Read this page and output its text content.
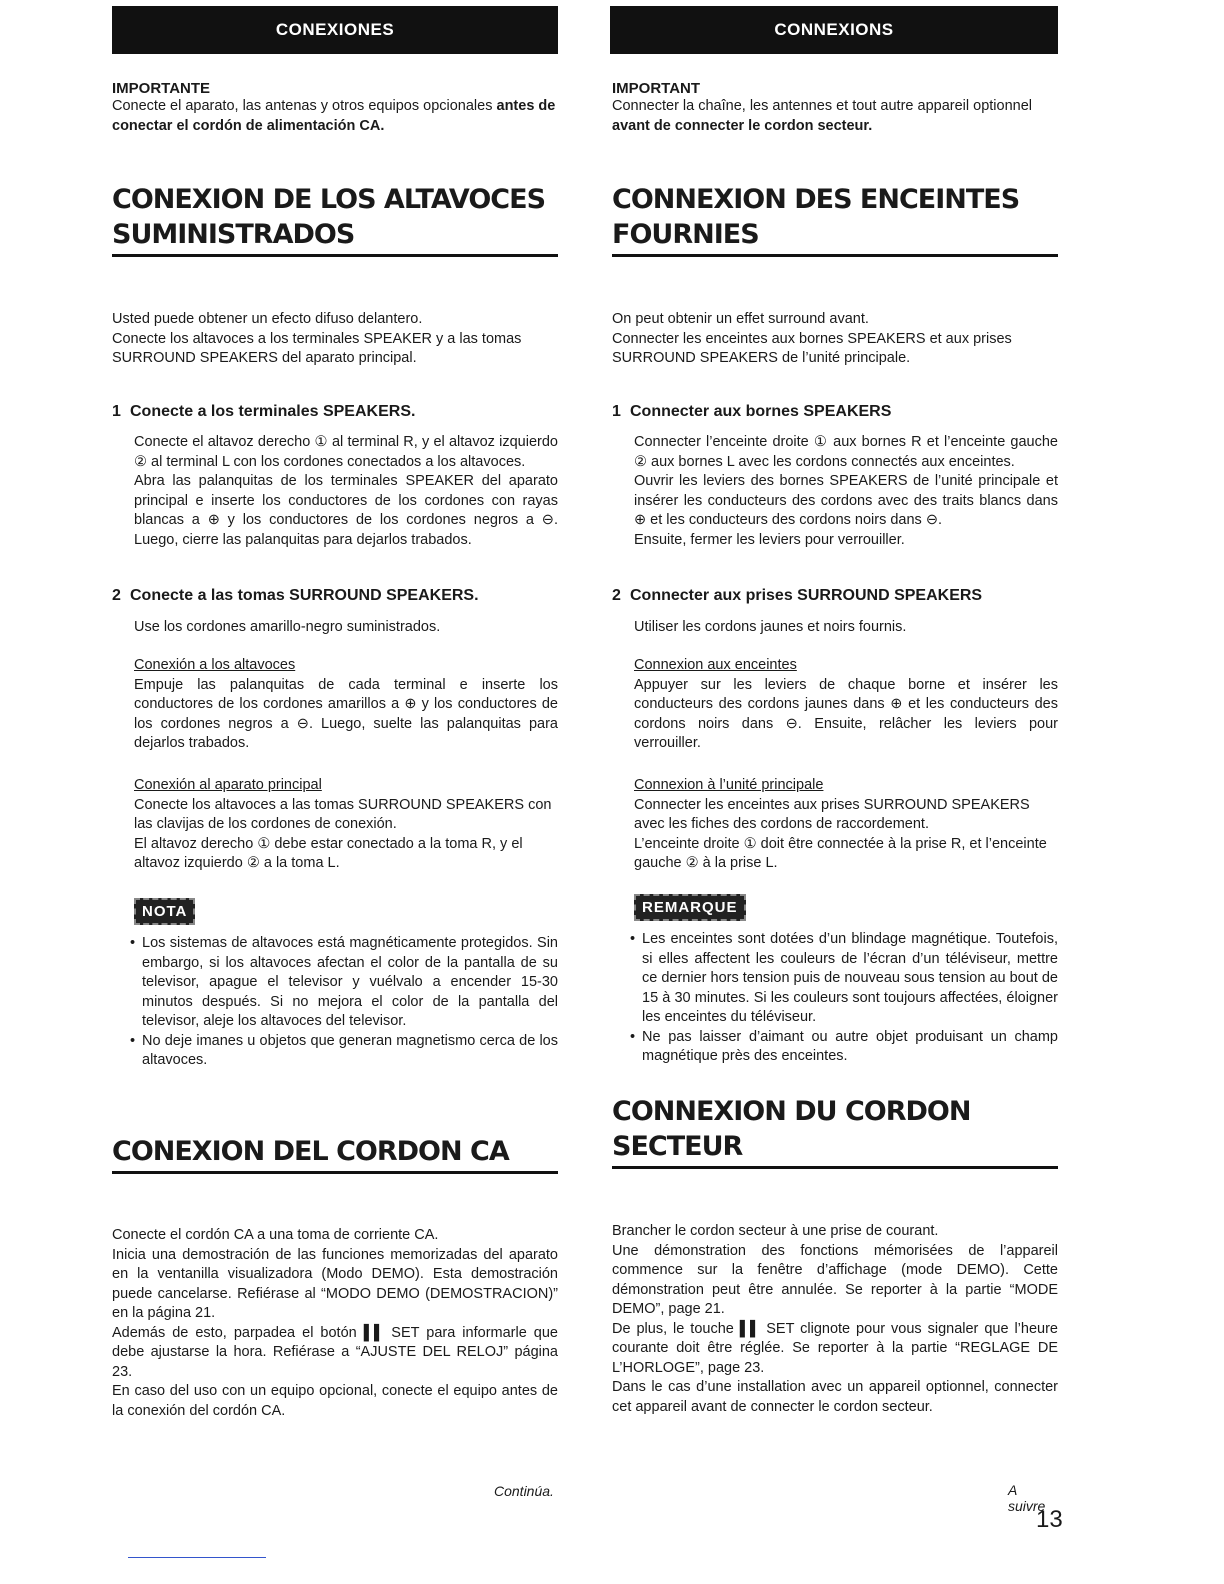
CONEXIONES
IMPORTANTE

Conecte el aparato, las antenas y otros equipos opcionales antes de conectar el cordón de alimentación CA.

CONEXION DE LOS ALTAVOCES SUMINISTRADOS

Usted puede obtener un efecto difuso delantero.

Conecte los altavoces a los terminales SPEAKER y a las tomas SURROUND SPEAKERS del aparato principal.

1 Conecte a los terminales SPEAKERS.

Conecte el altavoz derecho ① al terminal R, y el altavoz izquierdo ② al terminal L con los cordones conectados a los altavoces.

Abra las palanquitas de los terminales SPEAKER del aparato principal e inserte los conductores de los cordones con rayas blancas a ⊕ y los conductores de los cordones negros a ⊖. Luego, cierre las palanquitas para dejarlos trabados.

2 Conecte a las tomas SURROUND SPEAKERS.

Use los cordones amarillo-negro suministrados.

Conexión a los altavoces

Empuje las palanquitas de cada terminal e inserte los conductores de los cordones amarillos a ⊕ y los conductores de los cordones negros a ⊖. Luego, suelte las palanquitas para dejarlos trabados.

Conexión al aparato principal

Conecte los altavoces a las tomas SURROUND SPEAKERS con las clavijas de los cordones de conexión.

El altavoz derecho ① debe estar conectado a la toma R, y el altavoz izquierdo ② a la toma L.

NOTA
• Los sistemas de altavoces está magnéticamente protegidos. Sin embargo, si los altavoces afectan el color de la pantalla de su televisor, apague el televisor y vuélvalo a encender 15-30 minutos después. Si no mejora el color de la pantalla del televisor, aleje los altavoces del televisor.
• No deje imanes u objetos que generan magnetismo cerca de los altavoces.
CONEXION DEL CORDON CA

Conecte el cordón CA a una toma de corriente CA.

Inicia una demostración de las funciones memorizadas del aparato en la ventanilla visualizadora (Modo DEMO). Esta demostración puede cancelarse. Refiérase al “MODO DEMO (DEMOSTRACION)” en la página 21.

Además de esto, parpadea el botón ▌▌ SET para informarle que debe ajustarse la hora. Refiérase a “AJUSTE DEL RELOJ” página 23.

En caso del uso con un equipo opcional, conecte el equipo antes de la conexión del cordón CA.

Continúa.
CONNEXIONS
IMPORTANT

Connecter la chaîne, les antennes et tout autre appareil optionnel avant de connecter le cordon secteur.

CONNEXION DES ENCEINTES FOURNIES

On peut obtenir un effet surround avant.

Connecter les enceintes aux bornes SPEAKERS et aux prises SURROUND SPEAKERS de l’unité principale.

1 Connecter aux bornes SPEAKERS

Connecter l’enceinte droite ① aux bornes R et l’enceinte gauche ② aux bornes L avec les cordons connectés aux enceintes.

Ouvrir les leviers des bornes SPEAKERS de l’unité principale et insérer les conducteurs des cordons avec des traits blancs dans ⊕ et les conducteurs des cordons noirs dans ⊖.

Ensuite, fermer les leviers pour verrouiller.

2 Connecter aux prises SURROUND SPEAKERS

Utiliser les cordons jaunes et noirs fournis.

Connexion aux enceintes

Appuyer sur les leviers de chaque borne et insérer les conducteurs des cordons jaunes dans ⊕ et les conducteurs des cordons noirs dans ⊖. Ensuite, relâcher les leviers pour verrouiller.

Connexion à l’unité principale

Connecter les enceintes aux prises SURROUND SPEAKERS avec les fiches des cordons de raccordement.

L’enceinte droite ① doit être connectée à la prise R, et l’enceinte gauche ② à la prise L.

REMARQUE
• Les enceintes sont dotées d’un blindage magnétique. Toutefois, si elles affectent les couleurs de l’écran d’un téléviseur, mettre ce dernier hors tension puis de nouveau sous tension au bout de 15 à 30 minutes. Si les couleurs sont toujours affectées, éloigner les enceintes du téléviseur.
• Ne pas laisser d’aimant ou autre objet produisant un champ magnétique près des enceintes.
CONNEXION DU CORDON SECTEUR

Brancher le cordon secteur à une prise de courant.

Une démonstration des fonctions mémorisées de l’appareil commence sur la fenêtre d’affichage (mode DEMO). Cette démonstration peut être annulée. Se reporter à la partie “MODE DEMO”, page 21.

De plus, le touche ▌▌ SET clignote pour vous signaler que l’heure courante doit être réglée. Se reporter à la partie “REGLAGE DE L’HORLOGE”, page 23.

Dans le cas d’une installation avec un appareil optionnel, connecter cet appareil avant de connecter le cordon secteur.

A suivre
13
